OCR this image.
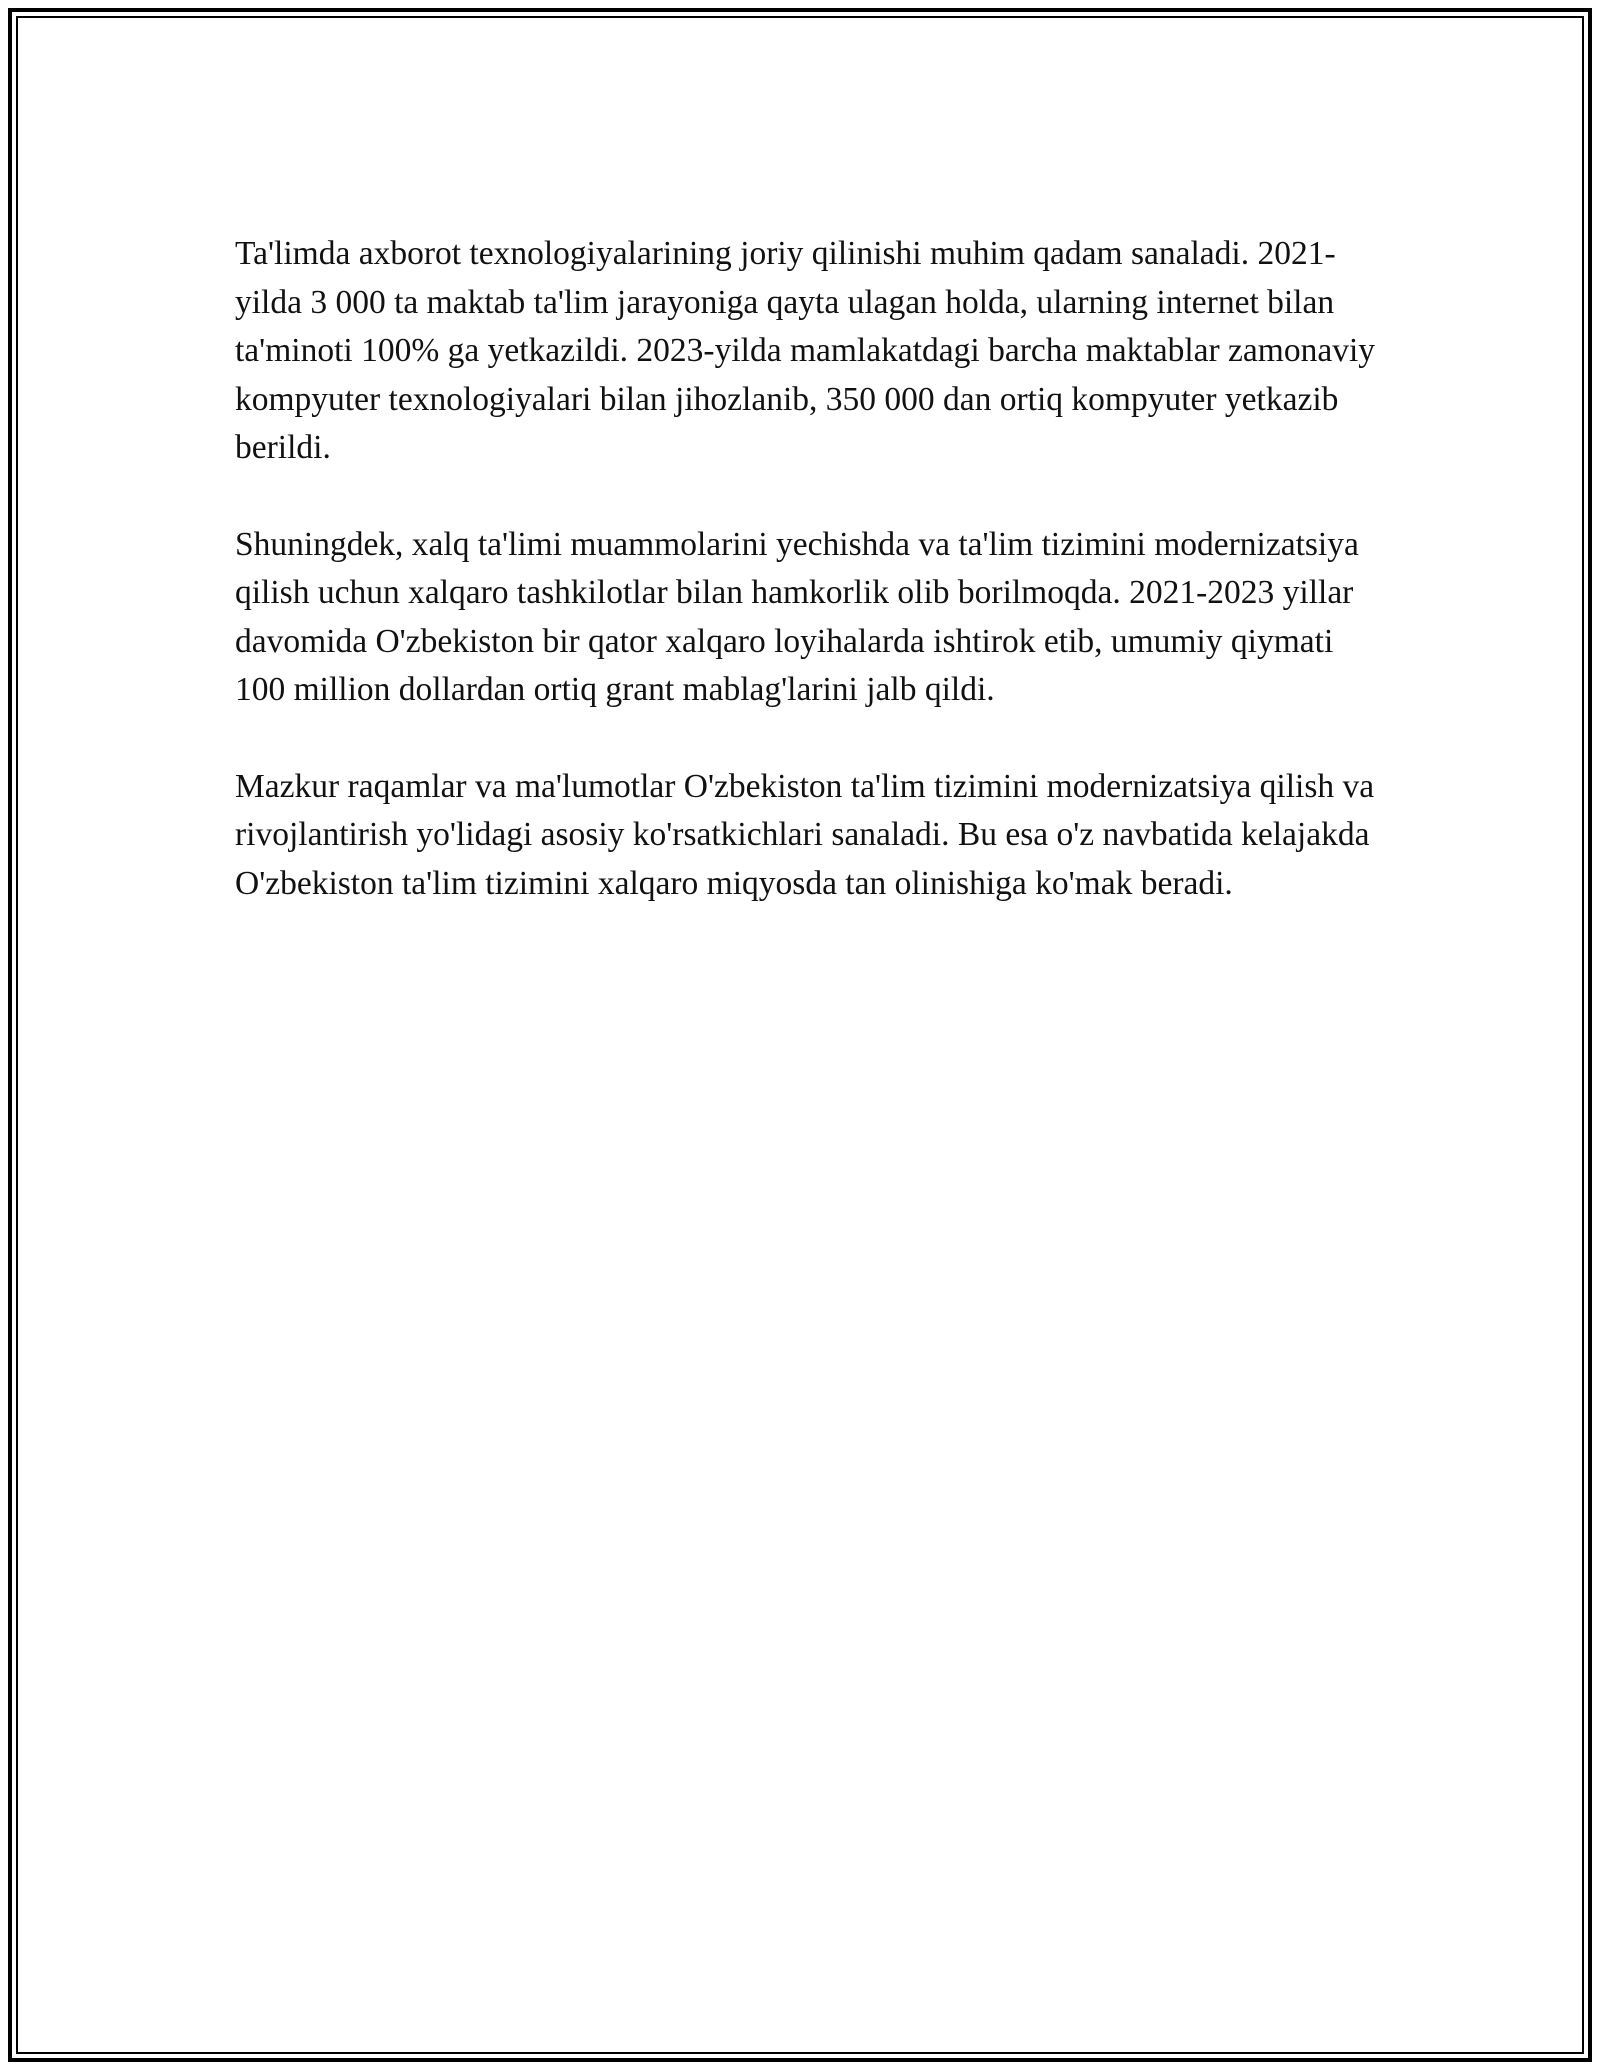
Ta'limda axborot texnologiyalarining joriy qilinishi muhim qadam sanaladi. 2021-yilda 3 000 ta maktab ta'lim jarayoniga qayta ulagan holda, ularning internet bilan ta'minoti 100% ga yetkazildi. 2023-yilda mamlakatdagi barcha maktablar zamonaviy kompyuter texnologiyalari bilan jihozlanib, 350 000 dan ortiq kompyuter yetkazib berildi.

Shuningdek, xalq ta'limi muammolarini yechishda va ta'lim tizimini modernizatsiya qilish uchun xalqaro tashkilotlar bilan hamkorlik olib borilmoqda. 2021-2023 yillar davomida O'zbekiston bir qator xalqaro loyihalarda ishtirok etib, umumiy qiymati 100 million dollardan ortiq grant mablag'larini jalb qildi.

Mazkur raqamlar va ma'lumotlar O'zbekiston ta'lim tizimini modernizatsiya qilish va rivojlantirish yo'lidagi asosiy ko'rsatkichlari sanaladi. Bu esa o'z navbatida kelajakda O'zbekiston ta'lim tizimini xalqaro miqyosda tan olinishiga ko'mak beradi.
